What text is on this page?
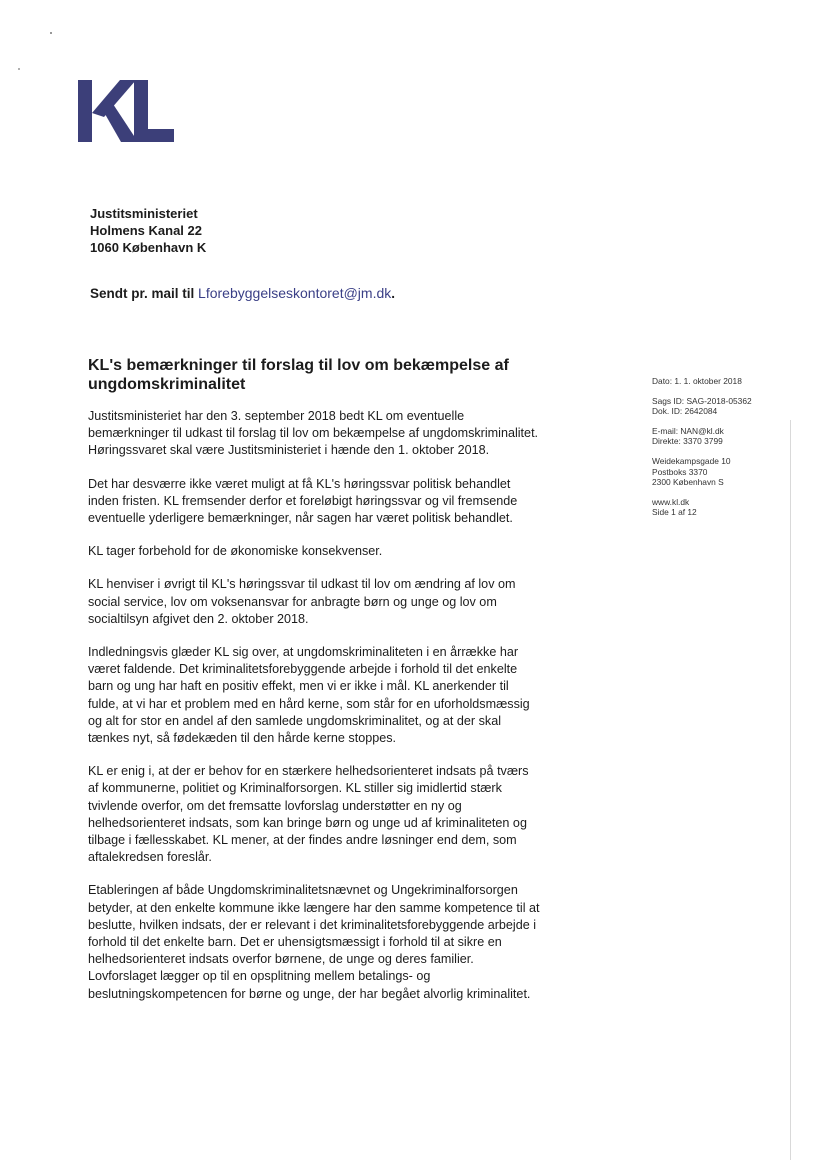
Justitsministeriet
Holmens Kanal 22
1060 København K
Sendt pr. mail til Lforebyggelseskontoret@jm.dk.
KL's bemærkninger til forslag til lov om bekæmpelse af ungdomskriminalitet

Justitsministeriet har den 3. september 2018 bedt KL om eventuelle bemærkninger til udkast til forslag til lov om bekæmpelse af ungdomskriminalitet. Høringssvaret skal være Justitsministeriet i hænde den 1. oktober 2018.

Det har desværre ikke været muligt at få KL's høringssvar politisk behandlet inden fristen. KL fremsender derfor et foreløbigt høringssvar og vil fremsende eventuelle yderligere bemærkninger, når sagen har været politisk behandlet.

KL tager forbehold for de økonomiske konsekvenser.

KL henviser i øvrigt til KL's høringssvar til udkast til lov om ændring af lov om social service, lov om voksenansvar for anbragte børn og unge og lov om socialtilsyn afgivet den 2. oktober 2018.

Indledningsvis glæder KL sig over, at ungdomskriminaliteten i en årrække har været faldende. Det kriminalitetsforebyggende arbejde i forhold til det enkelte barn og ung har haft en positiv effekt, men vi er ikke i mål. KL anerkender til fulde, at vi har et problem med en hård kerne, som står for en uforholdsmæssig og alt for stor en andel af den samlede ungdomskriminalitet, og at der skal tænkes nyt, så fødekæden til den hårde kerne stoppes.

KL er enig i, at der er behov for en stærkere helhedsorienteret indsats på tværs af kommunerne, politiet og Kriminalforsorgen. KL stiller sig imidlertid stærk tvivlende overfor, om det fremsatte lovforslag understøtter en ny og helhedsorienteret indsats, som kan bringe børn og unge ud af kriminaliteten og tilbage i fællesskabet. KL mener, at der findes andre løsninger end dem, som aftalekredsen foreslår.

Etableringen af både Ungdomskriminalitetsnævnet og Ungekriminalforsorgen betyder, at den enkelte kommune ikke længere har den samme kompetence til at beslutte, hvilken indsats, der er relevant i det kriminalitetsforebyggende arbejde i forhold til det enkelte barn. Det er uhensigtsmæssigt i forhold til at sikre en helhedsorienteret indsats overfor børnene, de unge og deres familier. Lovforslaget lægger op til en opsplitning mellem betalings- og beslutningskompetencen for børne og unge, der har begået alvorlig kriminalitet.

Dato: 1. 1. oktober 2018
Sags ID: SAG-2018-05362
Dok. ID: 2642084
E-mail: NAN@kl.dk
Direkte: 3370 3799
Weidekampsgade 10
Postboks 3370
2300 København S
www.kl.dk
Side 1 af 12
